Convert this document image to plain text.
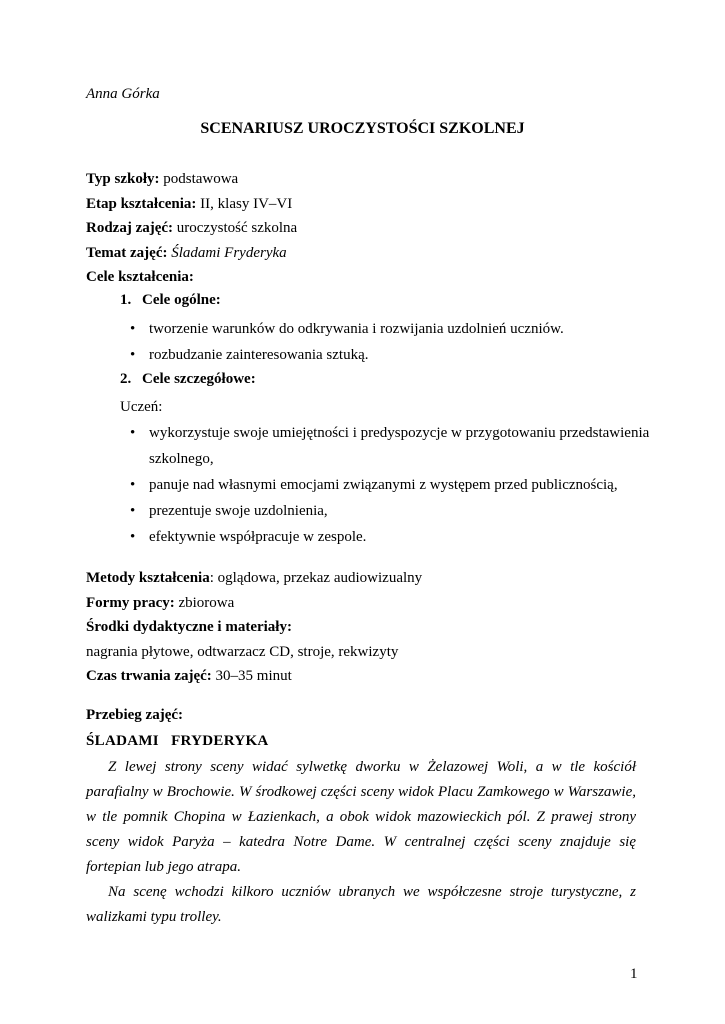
Anna Górka
SCENARIUSZ UROCZYSTOŚCI SZKOLNEJ
Typ szkoły: podstawowa
Etap kształcenia: II, klasy IV–VI
Rodzaj zajęć: uroczystość szkolna
Temat zajęć: Śladami Fryderyka
Cele kształcenia:
1. Cele ogólne:
• tworzenie warunków do odkrywania i rozwijania uzdolnień uczniów.
• rozbudzanie zainteresowania sztuką.
2. Cele szczegółowe:
Uczeń:
• wykorzystuje swoje umiejętności i predyspozycje w przygotowaniu przedstawienia szkolnego,
• panuje nad własnymi emocjami związanymi z występem przed publicznością,
• prezentuje swoje uzdolnienia,
• efektywnie współpracuje w zespole.
Metody kształcenia: oglądowa, przekaz audiowizualny
Formy pracy: zbiorowa
Środki dydaktyczne i materiały:
nagrania płytowe, odtwarzacz CD, stroje, rekwizyty
Czas trwania zajęć: 30–35 minut
Przebieg zajęć:
ŚLADAMI   FRYDERYKA

Z lewej strony sceny widać sylwetkę dworku w Żelazowej Woli, a w tle kościół parafialny w Brochowie. W środkowej części sceny widok Placu Zamkowego w Warszawie, w tle pomnik Chopina w Łazienkach, a obok widok mazowieckich pól. Z prawej strony sceny widok Paryża – katedra Notre Dame. W centralnej części sceny znajduje się fortepian lub jego atrapa.

Na scenę wchodzi kilkoro uczniów ubranych we współczesne stroje turystyczne, z walizkami typu trolley.

1
